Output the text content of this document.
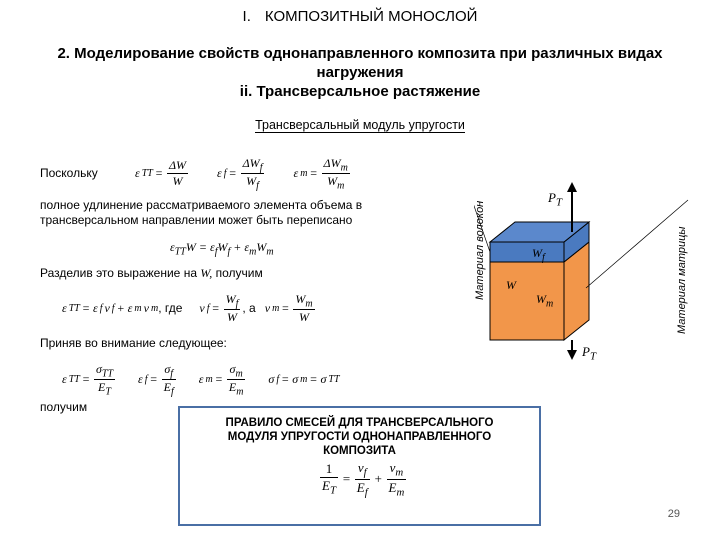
I. КОМПОЗИТНЫЙ МОНОСЛОЙ
2. Моделирование свойств однонаправленного композита при различных видах
нагружения
ii. Трансверсальное растяжение
Трансверсальный модуль упругости
Поскольку	ε TT = $\frac{\Delta W}{W}$ ε $f = \frac{\Delta W_f}{W_f}$ ε $m = \frac{\Delta W_m}{W_m}$
полное удлинение рассматриваемого элемента объема в
трансверсальном направлении может быть переписано
$\varepsilon_{TT}W = \varepsilon_fW_f + \varepsilon_mW_m$
Разделив это выражение на W, получим
ε TT = ε f v f + ε m v m , где v $f = \frac{W_f}{W}$ , а v $m = \frac{W_m}{W}$
Приняв во внимание следующее:
ε TT = $\frac{\sigma_{TT}}{E_T}$ ε $f = \frac{\sigma_f}{E_f}$ ε $m = \frac{\sigma_m}{E_m}$ σ f = σ m = σ TT
получим
$P_T$
$P_T$
$W_f$
W
$W_m$
Материал волокон	Материал матрицы
ПРАВИЛО СМЕСЕЙ ДЛЯ ТРАНСВЕРСАЛЬНОГО
МОДУЛЯ УПРУГОСТИ ОДНОНАПРАВЛЕННОГО
КОМПОЗИТА
$\frac{1}{E_T} = \frac{v_f}{E_f} + \frac{v_m}{E_m}$
29
